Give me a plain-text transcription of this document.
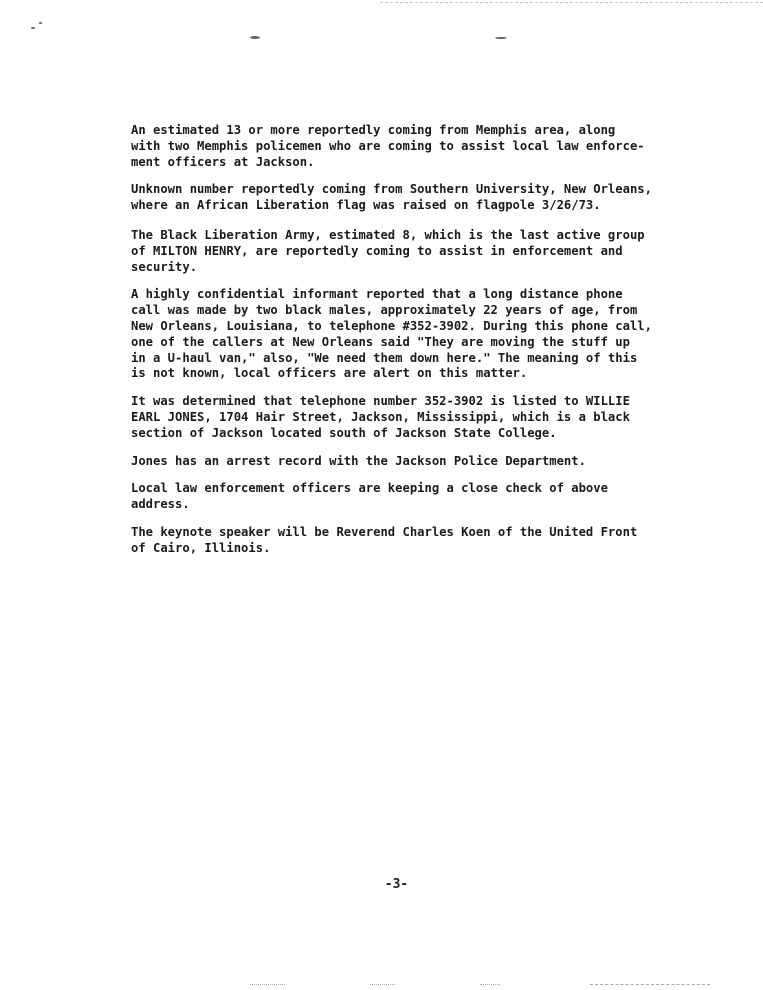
An estimated 13 or more reportedly coming from Memphis area, along
with two Memphis policemen who are coming to assist local law enforce-
ment officers at Jackson.

Unknown number reportedly coming from Southern University, New Orleans,
where an African Liberation flag was raised on flagpole 3/26/73.

The Black Liberation Army, estimated 8, which is the last active group
of MILTON HENRY, are reportedly coming to assist in enforcement and
security.

A highly confidential informant reported that a long distance phone
call was made by two black males, approximately 22 years of age, from
New Orleans, Louisiana, to telephone #352-3902. During this phone call,
one of the callers at New Orleans said "They are moving the stuff up
in a U-haul van," also, "We need them down here." The meaning of this
is not known, local officers are alert on this matter.

It was determined that telephone number 352-3902 is listed to WILLIE
EARL JONES, 1704 Hair Street, Jackson, Mississippi, which is a black
section of Jackson located south of Jackson State College.

Jones has an arrest record with the Jackson Police Department.

Local law enforcement officers are keeping a close check of above
address.

The keynote speaker will be Reverend Charles Koen of the United Front
of Cairo, Illinois.

-3-
